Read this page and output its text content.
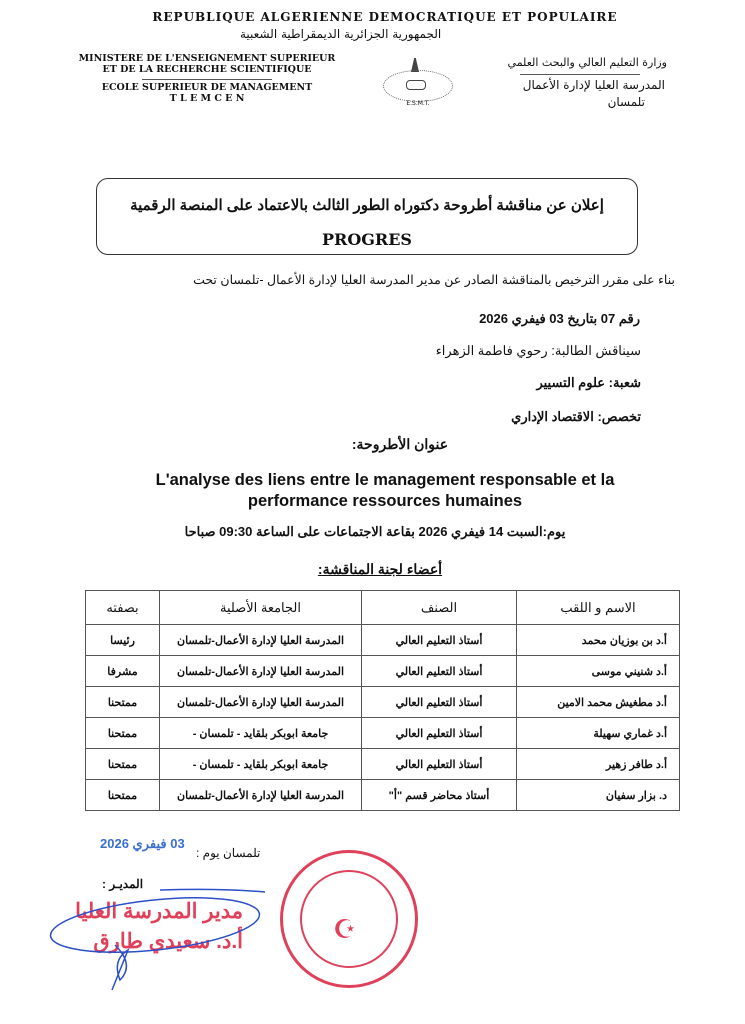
REPUBLIQUE ALGERIENNE DEMOCRATIQUE ET POPULAIRE
الجمهورية الجزائرية الديمقراطية الشعبية
MINISTERE DE L'ENSEIGNEMENT SUPERIEUR
ET DE LA RECHERCHE SCIENTIFIQUE
ECOLE SUPERIEUR DE MANAGEMENT
T L E M C E N	E.S.M.T.
وزارة التعليم العالي والبحث العلمي
المدرسة العليا لإدارة الأعمال
تلمسان
إعلان عن مناقشة أطروحة دكتوراه الطور الثالث بالاعتماد على المنصة الرقمية
PROGRES
بناء على مقرر الترخيص بالمناقشة الصادر عن مدير المدرسة العليا لإدارة الأعمال -تلمسان تحت
رقم 07 بتاريخ 03 فيفري 2026
سيناقش الطالبة: رحوي فاطمة الزهراء
شعبة: علوم التسيير
تخصص: الاقتصاد الإداري
عنوان الأطروحة:
L'analyse des liens entre le management responsable et la
performance ressources humaines
يوم:السبت 14 فيفري 2026 بقاعة الاجتماعات على الساعة 09:30 صباحا
أعضاء لجنة المناقشة:
الاسم و اللقب	الصنف	الجامعة الأصلية	بصفته
أ.د بن بوزيان محمد	أستاذ التعليم العالي	المدرسة العليا لإدارة الأعمال-تلمسان	رئيسا
أ.د شنيني موسى	أستاذ التعليم العالي	المدرسة العليا لإدارة الأعمال-تلمسان	مشرفا
أ.د مطغيش محمد الامين	أستاذ التعليم العالي	المدرسة العليا لإدارة الأعمال-تلمسان	ممتحنا
أ.د غماري سهيلة	أستاذ التعليم العالي	جامعة ابوبكر بلقايد - تلمسان -	ممتحنا
أ.د طافر زهير	أستاذ التعليم العالي	جامعة ابوبكر بلقايد - تلمسان -	ممتحنا
د. بزار سفيان	أستاذ محاضر قسم "أ"	المدرسة العليا لإدارة الأعمال-تلمسان	ممتحنا
03 فيفري 2026
تلمسان يوم :
المديـر :
مدير المدرسة العليا
أ.د. سعيدي طارق	☪
